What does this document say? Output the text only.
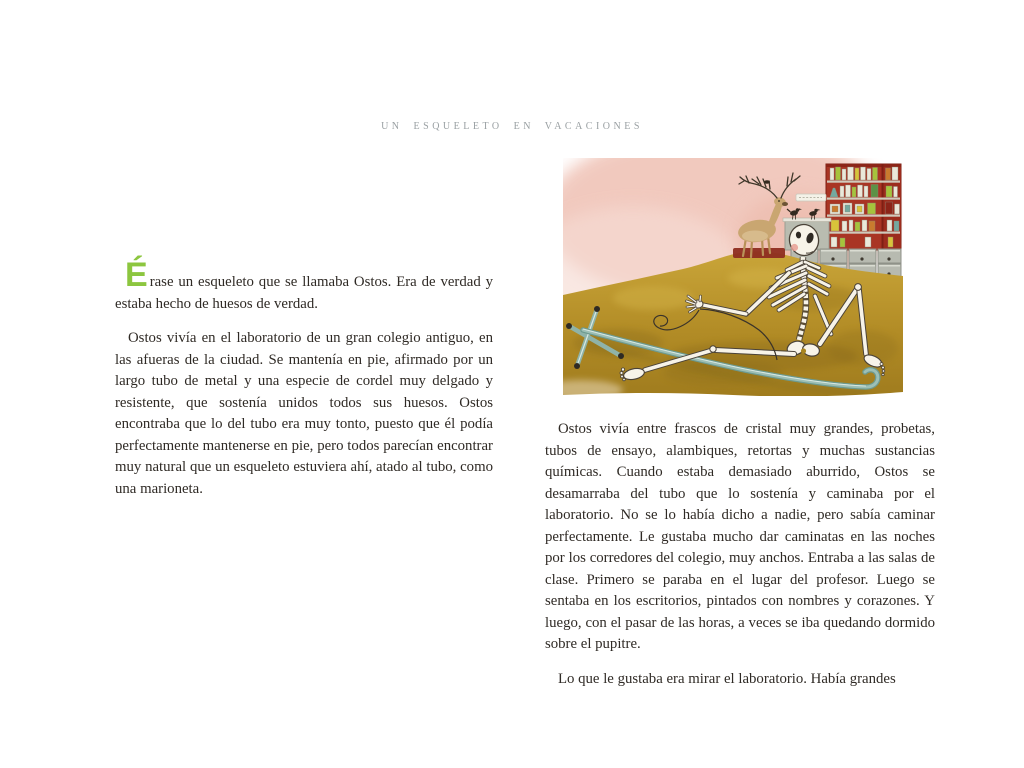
UN ESQUELETO EN VACACIONES

Érase un esqueleto que se llamaba Ostos. Era de verdad y estaba hecho de huesos de verdad.

Ostos vivía en el laboratorio de un gran colegio antiguo, en las afueras de la ciudad. Se mantenía en pie, afirmado por un largo tubo de metal y una especie de cordel muy delgado y resistente, que sostenía unidos todos sus huesos. Ostos encontraba que lo del tubo era muy tonto, puesto que él podía perfectamente mantenerse en pie, pero todos parecían encontrar muy natural que un esqueleto estuviera ahí, atado al tubo, como una marioneta.

Ostos vivía entre frascos de cristal muy grandes, probetas, tubos de ensayo, alambiques, retortas y muchas sustancias químicas. Cuando estaba demasiado aburrido, Ostos se desamarraba del tubo que lo sostenía y caminaba por el laboratorio. No se lo había dicho a nadie, pero sabía caminar perfectamente. Le gustaba mucho dar caminatas en las noches por los corredores del colegio, muy anchos. Entraba a las salas de clase. Primero se paraba en el lugar del profesor. Luego se sentaba en los escritorios, pintados con nombres y corazones. Y luego, con el pasar de las horas, a veces se iba quedando dormido sobre el pupitre.

Lo que le gustaba era mirar el laboratorio. Había grandes
